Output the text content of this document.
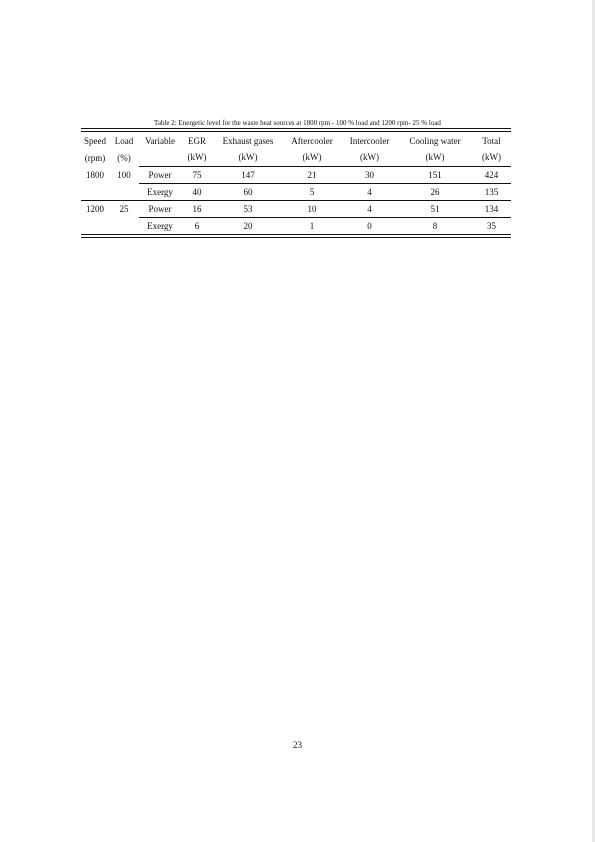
Table 2: Energetic level for the waste heat sources at 1800 rpm - 100 % load and 1200 rpm- 25 % load
Speed	Load	Variable	EGR	Exhaust gases	Aftercooler	Intercooler	Cooling water	Total
(rpm)	(%)		(kW)	(kW)	(kW)	(kW)	(kW)	(kW)
1800	100	Power	75	147	21	30	151	424
		Exergy	40	60	5	4	26	135
1200	25	Power	16	53	10	4	51	134
		Exergy	6	20	1	0	8	35
23
